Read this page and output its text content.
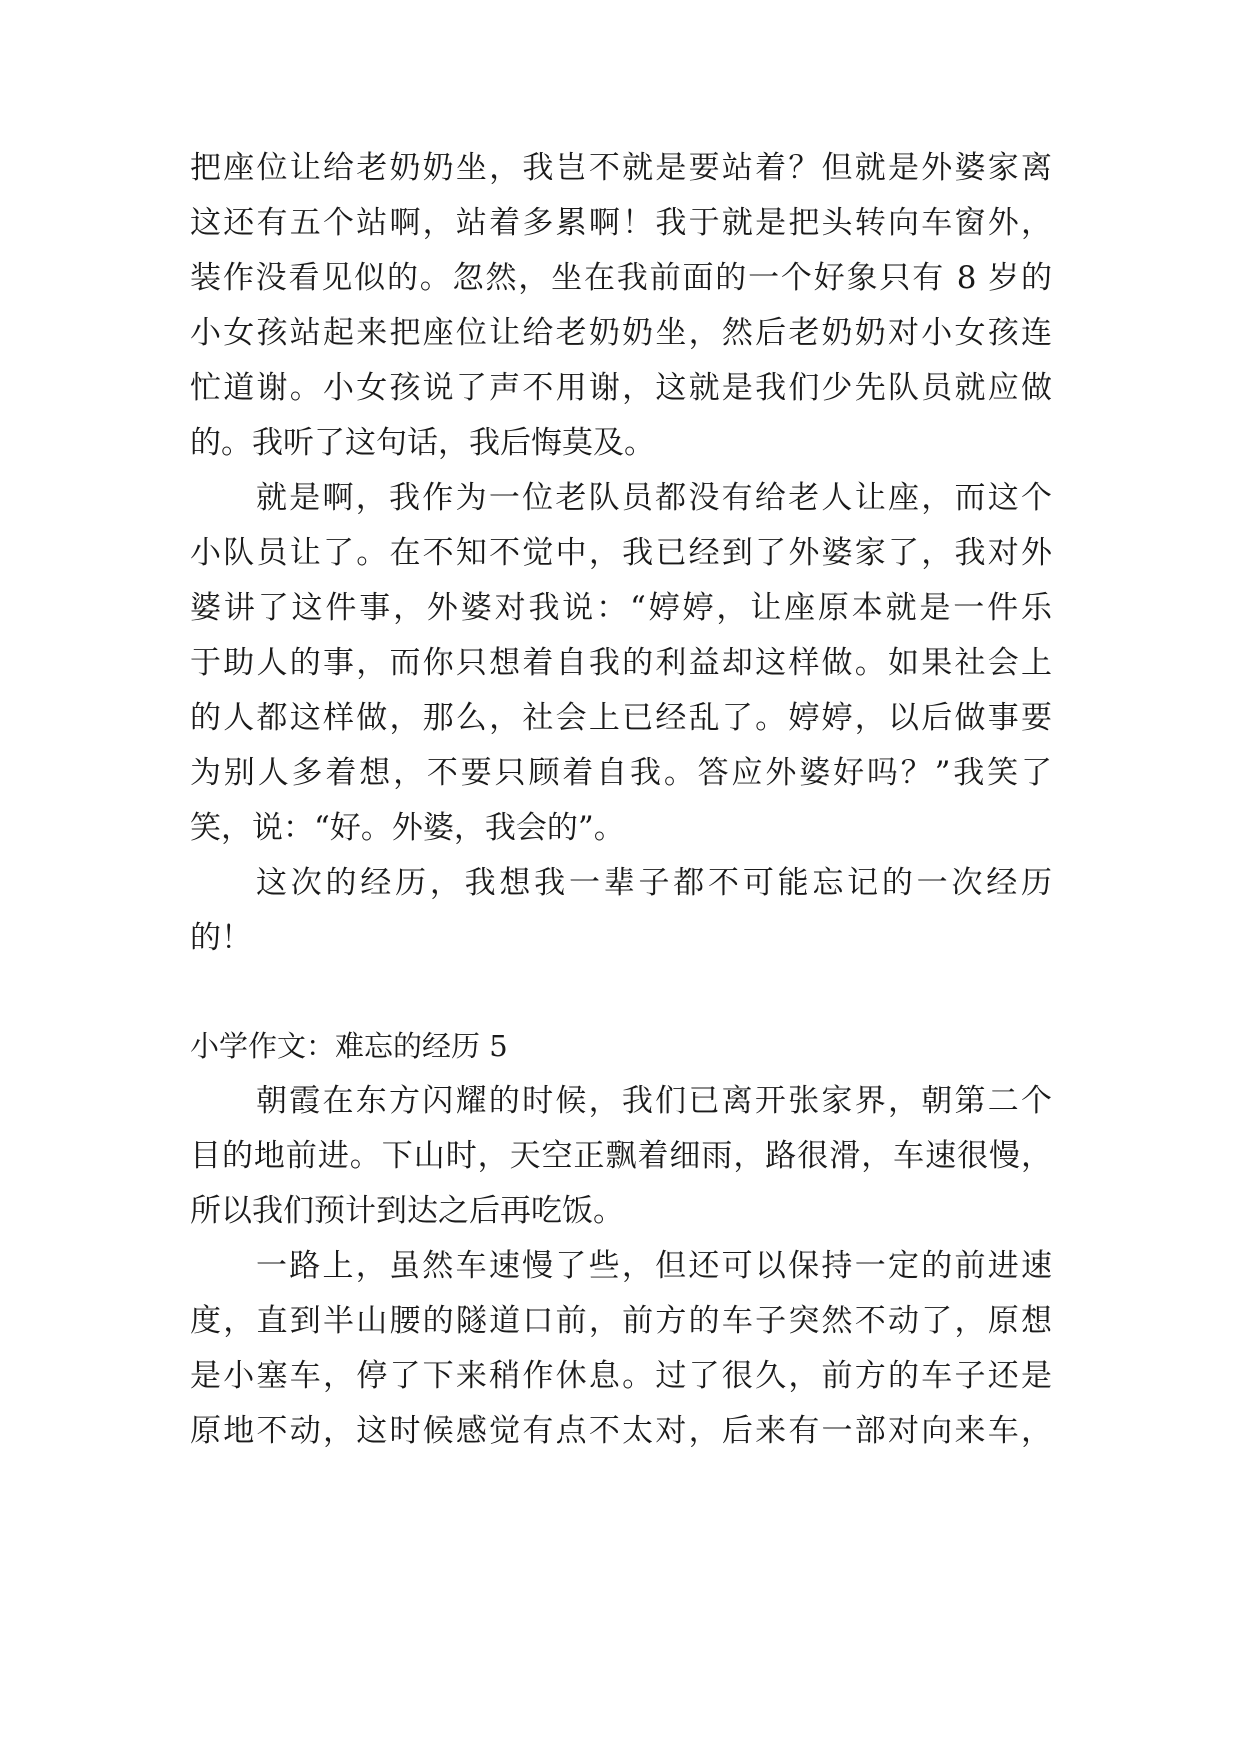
把座位让给老奶奶坐，我岂不就是要站着？但就是外婆家离
这还有五个站啊，站着多累啊！我于就是把头转向车窗外，
装作没看见似的。忽然，坐在我前面的一个好象只有 8 岁的
小女孩站起来把座位让给老奶奶坐，然后老奶奶对小女孩连
忙道谢。小女孩说了声不用谢，这就是我们少先队员就应做
的。我听了这句话，我后悔莫及。
就是啊，我作为一位老队员都没有给老人让座，而这个
小队员让了。在不知不觉中，我已经到了外婆家了，我对外
婆讲了这件事，外婆对我说：“婷婷，让座原本就是一件乐
于助人的事，而你只想着自我的利益却这样做。如果社会上
的人都这样做，那么，社会上已经乱了。婷婷，以后做事要
为别人多着想，不要只顾着自我。答应外婆好吗？”我笑了
笑，说：“好。外婆，我会的”。
这次的经历，我想我一辈子都不可能忘记的一次经历
的！
小学作文：难忘的经历 5
朝霞在东方闪耀的时候，我们已离开张家界，朝第二个
目的地前进。下山时，天空正飘着细雨，路很滑，车速很慢，
所以我们预计到达之后再吃饭。
一路上，虽然车速慢了些，但还可以保持一定的前进速
度，直到半山腰的隧道口前，前方的车子突然不动了，原想
是小塞车，停了下来稍作休息。过了很久，前方的车子还是
原地不动，这时候感觉有点不太对，后来有一部对向来车，
